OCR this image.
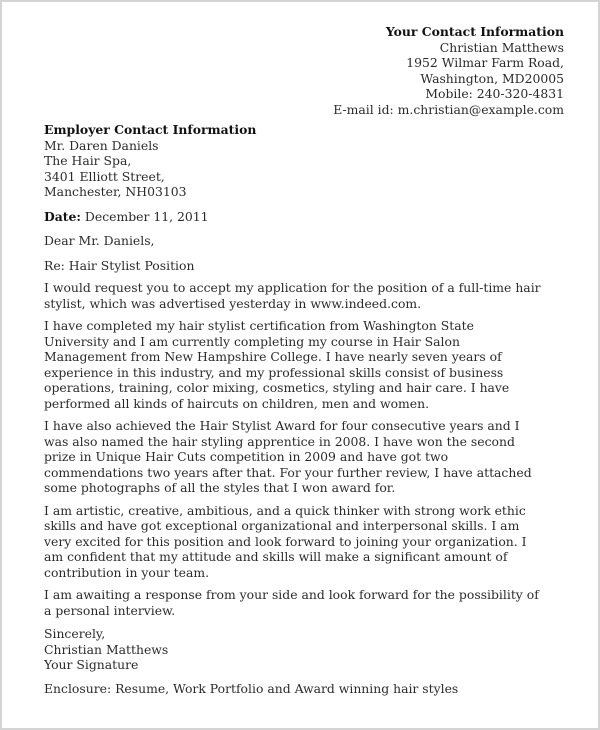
Your Contact Information
Christian Matthews
1952 Wilmar Farm Road,
Washington, MD20005
Mobile: 240-320-4831
E-mail id: m.christian@example.com
Employer Contact Information
Mr. Daren Daniels
The Hair Spa,
3401 Elliott Street,
Manchester, NH03103
Date: December 11, 2011
Dear Mr. Daniels,
Re: Hair Stylist Position

I would request you to accept my application for the position of a full-time hair
stylist, which was advertised yesterday in www.indeed.com.

I have completed my hair stylist certification from Washington State
University and I am currently completing my course in Hair Salon
Management from New Hampshire College. I have nearly seven years of
experience in this industry, and my professional skills consist of business
operations, training, color mixing, cosmetics, styling and hair care. I have
performed all kinds of haircuts on children, men and women.

I have also achieved the Hair Stylist Award for four consecutive years and I
was also named the hair styling apprentice in 2008. I have won the second
prize in Unique Hair Cuts competition in 2009 and have got two
commendations two years after that. For your further review, I have attached
some photographs of all the styles that I won award for.

I am artistic, creative, ambitious, and a quick thinker with strong work ethic
skills and have got exceptional organizational and interpersonal skills. I am
very excited for this position and look forward to joining your organization. I
am confident that my attitude and skills will make a significant amount of
contribution in your team.

I am awaiting a response from your side and look forward for the possibility of
a personal interview.

Sincerely,
Christian Matthews
Your Signature
Enclosure: Resume, Work Portfolio and Award winning hair styles
